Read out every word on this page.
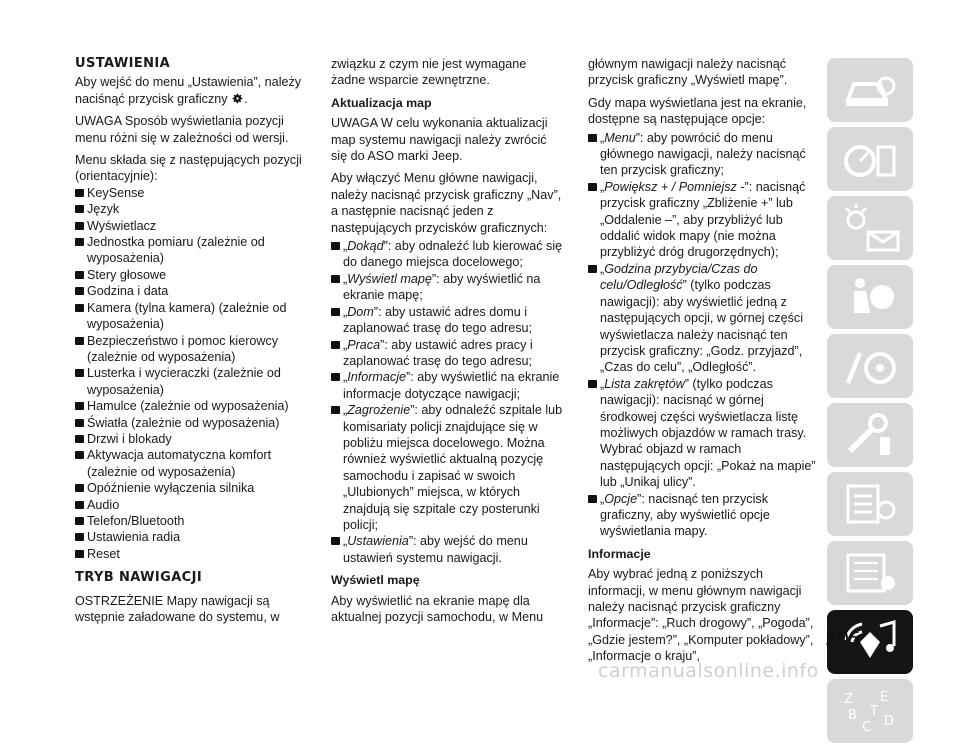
USTAWIENIA

Aby wejść do menu „Ustawienia”, należy naciśnąć przycisk graficzny .

UWAGA Sposób wyświetlania pozycji menu różni się w zależności od wersji.

Menu składa się z następujących pozycji (orientacyjnie):

KeySense
Język
Wyświetlacz
Jednostka pomiaru (zależnie od wyposażenia)
Stery głosowe
Godzina i data
Kamera (tylna kamera) (zależnie od wyposażenia)
Bezpieczeństwo i pomoc kierowcy (zależnie od wyposażenia)
Lusterka i wycieraczki (zależnie od wyposażenia)
Hamulce (zależnie od wyposażenia)
Światła (zależnie od wyposażenia)
Drzwi i blokady
Aktywacja automatyczna komfort (zależnie od wyposażenia)
Opóźnienie wyłączenia silnika
Audio
Telefon/Bluetooth
Ustawienia radia
Reset
TRYB NAWIGACJI

OSTRZEŻENIE Mapy nawigacji są wstępnie załadowane do systemu, w

związku z czym nie jest wymagane żadne wsparcie zewnętrzne.

Aktualizacja map

UWAGA W celu wykonania aktualizacji map systemu nawigacji należy zwrócić się do ASO marki Jeep.

Aby włączyć Menu główne nawigacji, należy nacisnąć przycisk graficzny „Nav”, a następnie nacisnąć jeden z następujących przycisków graficznych:

„Dokąd”: aby odnaleźć lub kierować się do danego miejsca docelowego;

„Wyświetl mapę”: aby wyświetlić na ekranie mapę;

„Dom”: aby ustawić adres domu i zaplanować trasę do tego adresu;

„Praca”: aby ustawić adres pracy i zaplanować trasę do tego adresu;

„Informacje”: aby wyświetlić na ekranie informacje dotyczące nawigacji;

„Zagrożenie”: aby odnaleźć szpitale lub komisariaty policji znajdujące się w pobliżu miejsca docelowego. Można również wyświetlić aktualną pozycję samochodu i zapisać w swoich „Ulubionych” miejsca, w których znajdują się szpitale czy posterunki policji;

„Ustawienia”: aby wejść do menu ustawień systemu nawigacji.

Wyświetl mapę

Aby wyświetlić na ekranie mapę dla aktualnej pozycji samochodu, w Menu

głównym nawigacji należy nacisnąć przycisk graficzny „Wyświetl mapę”.

Gdy mapa wyświetlana jest na ekranie, dostępne są następujące opcje:

„Menu”: aby powrócić do menu głównego nawigacji, należy nacisnąć ten przycisk graficzny;

„Powiększ + / Pomniejsz -”: nacisnąć przycisk graficzny „Zbliżenie +” lub „Oddalenie –”, aby przybliżyć lub oddalić widok mapy (nie można przybliżyć dróg drugorzędnych);

„Godzina przybycia/Czas do celu/Odległość” (tylko podczas nawigacji): aby wyświetlić jedną z następujących opcji, w górnej części wyświetlacza należy nacisnąć ten przycisk graficzny: „Godz. przyjazd”, „Czas do celu”, „Odległość”.

„Lista zakrętów” (tylko podczas nawigacji): nacisnąć w górnej środkowej części wyświetlacza listę możliwych objazdów w ramach trasy. Wybrać objazd w ramach następujących opcji: „Pokaż na mapie” lub „Unikaj ulicy”.

„Opcje”: nacisnąć ten przycisk graficzny, aby wyświetlić opcje wyświetlania mapy.

Informacje

Aby wybrać jedną z poniższych informacji, w menu głównym nawigacji należy nacisnąć przycisk graficzny „Informacje”: „Ruch drogowy”, „Pogoda”, „Gdzie jestem?”, „Komputer pokładowy”, „Informacje o kraju”,

Z E
B
C D
T
305
carmanualsonline.info
